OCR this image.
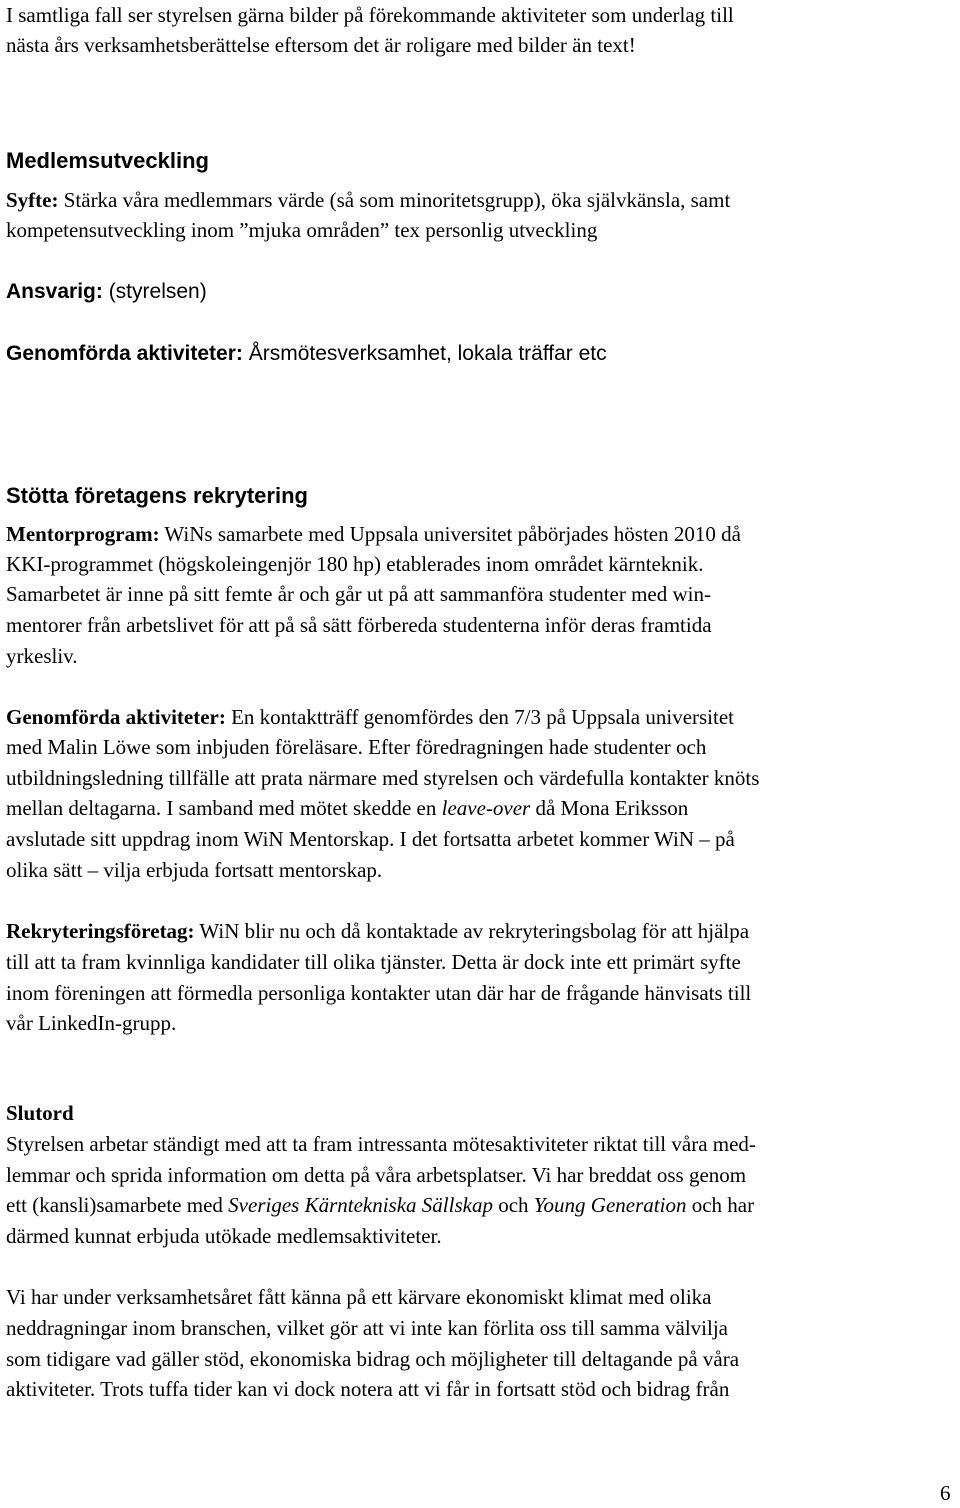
I samtliga fall ser styrelsen gärna bilder på förekommande aktiviteter som underlag till

nästa års verksamhetsberättelse eftersom det är roligare med bilder än text!

Medlemsutveckling

Syfte: Stärka våra medlemmars värde (så som minoritetsgrupp), öka självkänsla, samt

kompetensutveckling inom ”mjuka områden” tex personlig utveckling

Ansvarig: (styrelsen)

Genomförda aktiviteter: Årsmötesverksamhet, lokala träffar etc

Stötta företagens rekrytering

Mentorprogram: WiNs samarbete med Uppsala universitet påbörjades hösten 2010 då

KKI-programmet (högskoleingenjör 180 hp) etablerades inom området kärnteknik.

Samarbetet är inne på sitt femte år och går ut på att sammanföra studenter med win-

mentorer från arbetslivet för att på så sätt förbereda studenterna inför deras framtida

yrkesliv.

Genomförda aktiviteter: En kontaktträff genomfördes den 7/3 på Uppsala universitet

med Malin Löwe som inbjuden föreläsare. Efter föredragningen hade studenter och

utbildningsledning tillfälle att prata närmare med styrelsen och värdefulla kontakter knöts

mellan deltagarna. I samband med mötet skedde en leave-over då Mona Eriksson

avslutade sitt uppdrag inom WiN Mentorskap. I det fortsatta arbetet kommer WiN – på

olika sätt – vilja erbjuda fortsatt mentorskap.

Rekryteringsföretag: WiN blir nu och då kontaktade av rekryteringsbolag för att hjälpa

till att ta fram kvinnliga kandidater till olika tjänster. Detta är dock inte ett primärt syfte

inom föreningen att förmedla personliga kontakter utan där har de frågande hänvisats till

vår LinkedIn-grupp.

Slutord

Styrelsen arbetar ständigt med att ta fram intressanta mötesaktiviteter riktat till våra med-

lemmar och sprida information om detta på våra arbetsplatser. Vi har breddat oss genom

ett (kansli)samarbete med Sveriges Kärntekniska Sällskap och Young Generation och har

därmed kunnat erbjuda utökade medlemsaktiviteter.

Vi har under verksamhetsåret fått känna på ett kärvare ekonomiskt klimat med olika

neddragningar inom branschen, vilket gör att vi inte kan förlita oss till samma välvilja

som tidigare vad gäller stöd, ekonomiska bidrag och möjligheter till deltagande på våra

aktiviteter. Trots tuffa tider kan vi dock notera att vi får in fortsatt stöd och bidrag från

6
